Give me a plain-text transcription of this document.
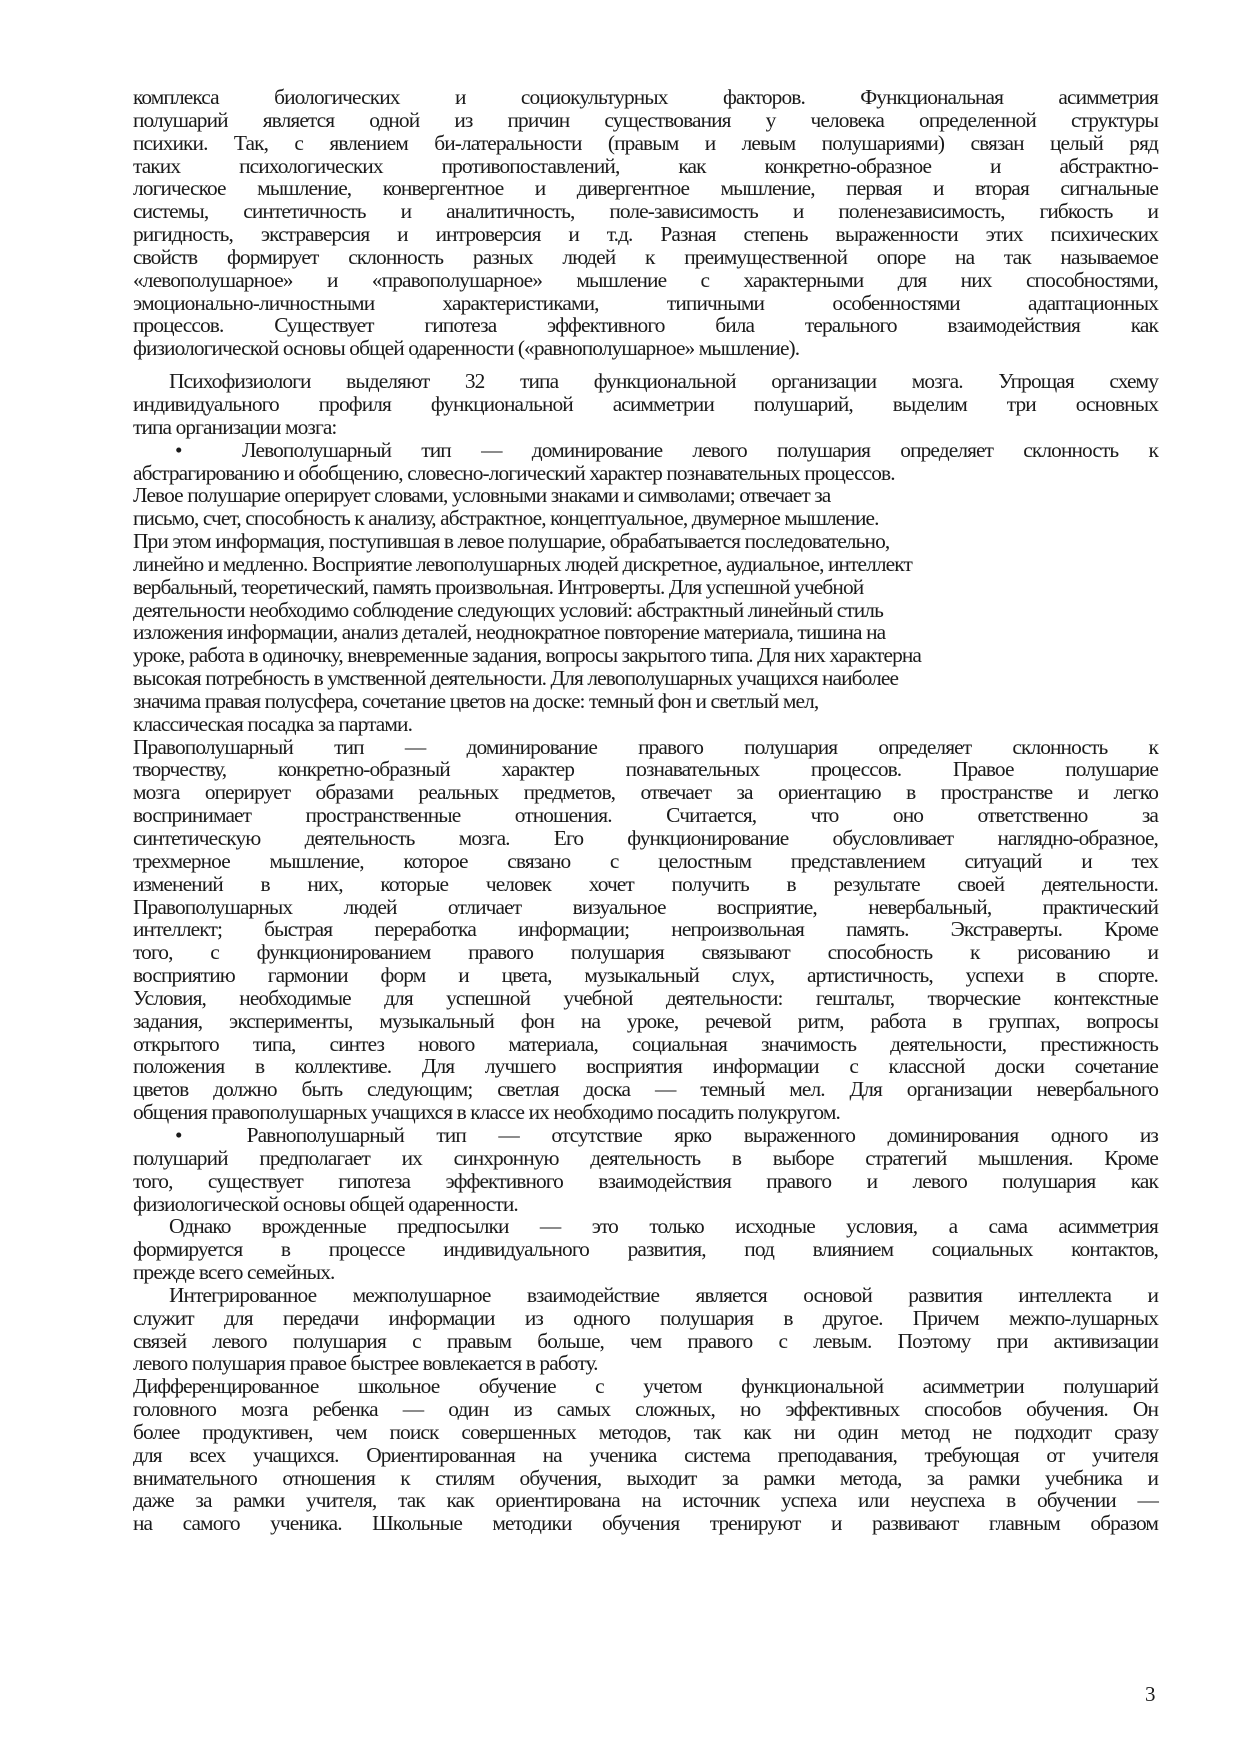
комплекса биологических и социокультурных факторов. Функциональная асимметрия
полушарий является одной из причин существования у человека определенной структуры
психики. Так, с явлением би-латеральности (правым и левым полушариями) связан целый ряд
таких психологических противопоставлений, как конкретно-образное и абстрактно-
логическое мышление, конвергентное и дивергентное мышление, первая и вторая сигнальные
системы, синтетичность и аналитичность, поле-зависимость и поленезависимость, гибкость и
ригидность, экстраверсия и интроверсия и т.д. Разная степень выраженности этих психических
свойств формирует склонность разных людей к преимущественной опоре на так называемое
«левополушарное» и «правополушарное» мышление с характерными для них способностями,
эмоционально-личностными характеристиками, типичными особенностями адаптационных
процессов. Существует гипотеза эффективного била терального взаимодействия как
физиологической основы общей одаренности («равнополушарное» мышление).
Психофизиологи выделяют 32 типа функциональной организации мозга. Упрощая схему
индивидуального профиля функциональной асимметрии полушарий, выделим три основных
типа организации мозга:
•	Левополушарный тип — доминирование левого полушария определяет склонность к
абстрагированию и обобщению, словесно-логический характер познавательных процессов.
Левое полушарие оперирует словами, условными знаками и символами; отвечает за
письмо, счет, способность к анализу, абстрактное, концептуальное, двумерное мышление.
При этом информация, поступившая в левое полушарие, обрабатывается последовательно,
линейно и медленно. Восприятие левополушарных людей дискретное, аудиальное, интеллект
вербальный, теоретический, память произвольная. Интроверты. Для успешной учебной
деятельности необходимо соблюдение следующих условий: абстрактный линейный стиль
изложения информации, анализ деталей, неоднократное повторение материала, тишина на
уроке, работа в одиночку, вневременные задания, вопросы закрытого типа. Для них характерна
высокая потребность в умственной деятельности. Для левополушарных учащихся наиболее
значима правая полусфера, сочетание цветов на доске: темный фон и светлый мел,
классическая посадка за партами.
Правополушарный тип — доминирование правого полушария определяет склонность к
творчеству, конкретно-образный характер познавательных процессов. Правое полушарие
мозга оперирует образами реальных предметов, отвечает за ориентацию в пространстве и легко
воспринимает пространственные отношения. Считается, что оно ответственно за
синтетическую деятельность мозга. Его функционирование обусловливает наглядно-образное,
трехмерное мышление, которое связано с целостным представлением ситуаций и тех
изменений в них, которые человек хочет получить в результате своей деятельности.
Правополушарных людей отличает визуальное восприятие, невербальный, практический
интеллект; быстрая переработка информации; непроизвольная память. Экстраверты. Кроме
того, с функционированием правого полушария связывают способность к рисованию и
восприятию гармонии форм и цвета, музыкальный слух, артистичность, успехи в спорте.
Условия, необходимые для успешной учебной деятельности: гештальт, творческие контекстные
задания, эксперименты, музыкальный фон на уроке, речевой ритм, работа в группах, вопросы
открытого типа, синтез нового материала, социальная значимость деятельности, престижность
положения в коллективе. Для лучшего восприятия информации с классной доски сочетание
цветов должно быть следующим; светлая доска — темный мел. Для организации невербального
общения правополушарных учащихся в классе их необходимо посадить полукругом.
•	Равнополушарный тип — отсутствие ярко выраженного доминирования одного из
полушарий предполагает их синхронную деятельность в выборе стратегий мышления. Кроме
того, существует гипотеза эффективного взаимодействия правого и левого полушария как
физиологической основы общей одаренности.
Однако врожденные предпосылки — это только исходные условия, а сама асимметрия
формируется в процессе индивидуального развития, под влиянием социальных контактов,
прежде всего семейных.
Интегрированное межполушарное взаимодействие является основой развития интеллекта и
служит для передачи информации из одного полушария в другое. Причем межпо-лушарных
связей левого полушария с правым больше, чем правого с левым. Поэтому при активизации
левого полушария правое быстрее вовлекается в работу.
Дифференцированное школьное обучение с учетом функциональной асимметрии полушарий
головного мозга ребенка — один из самых сложных, но эффективных способов обучения. Он
более продуктивен, чем поиск совершенных методов, так как ни один метод не подходит сразу
для всех учащихся. Ориентированная на ученика система преподавания, требующая от учителя
внимательного отношения к стилям обучения, выходит за рамки метода, за рамки учебника и
даже за рамки учителя, так как ориентирована на источник успеха или неуспеха в обучении —
на самого ученика. Школьные методики обучения тренируют и развивают главным образом
3
